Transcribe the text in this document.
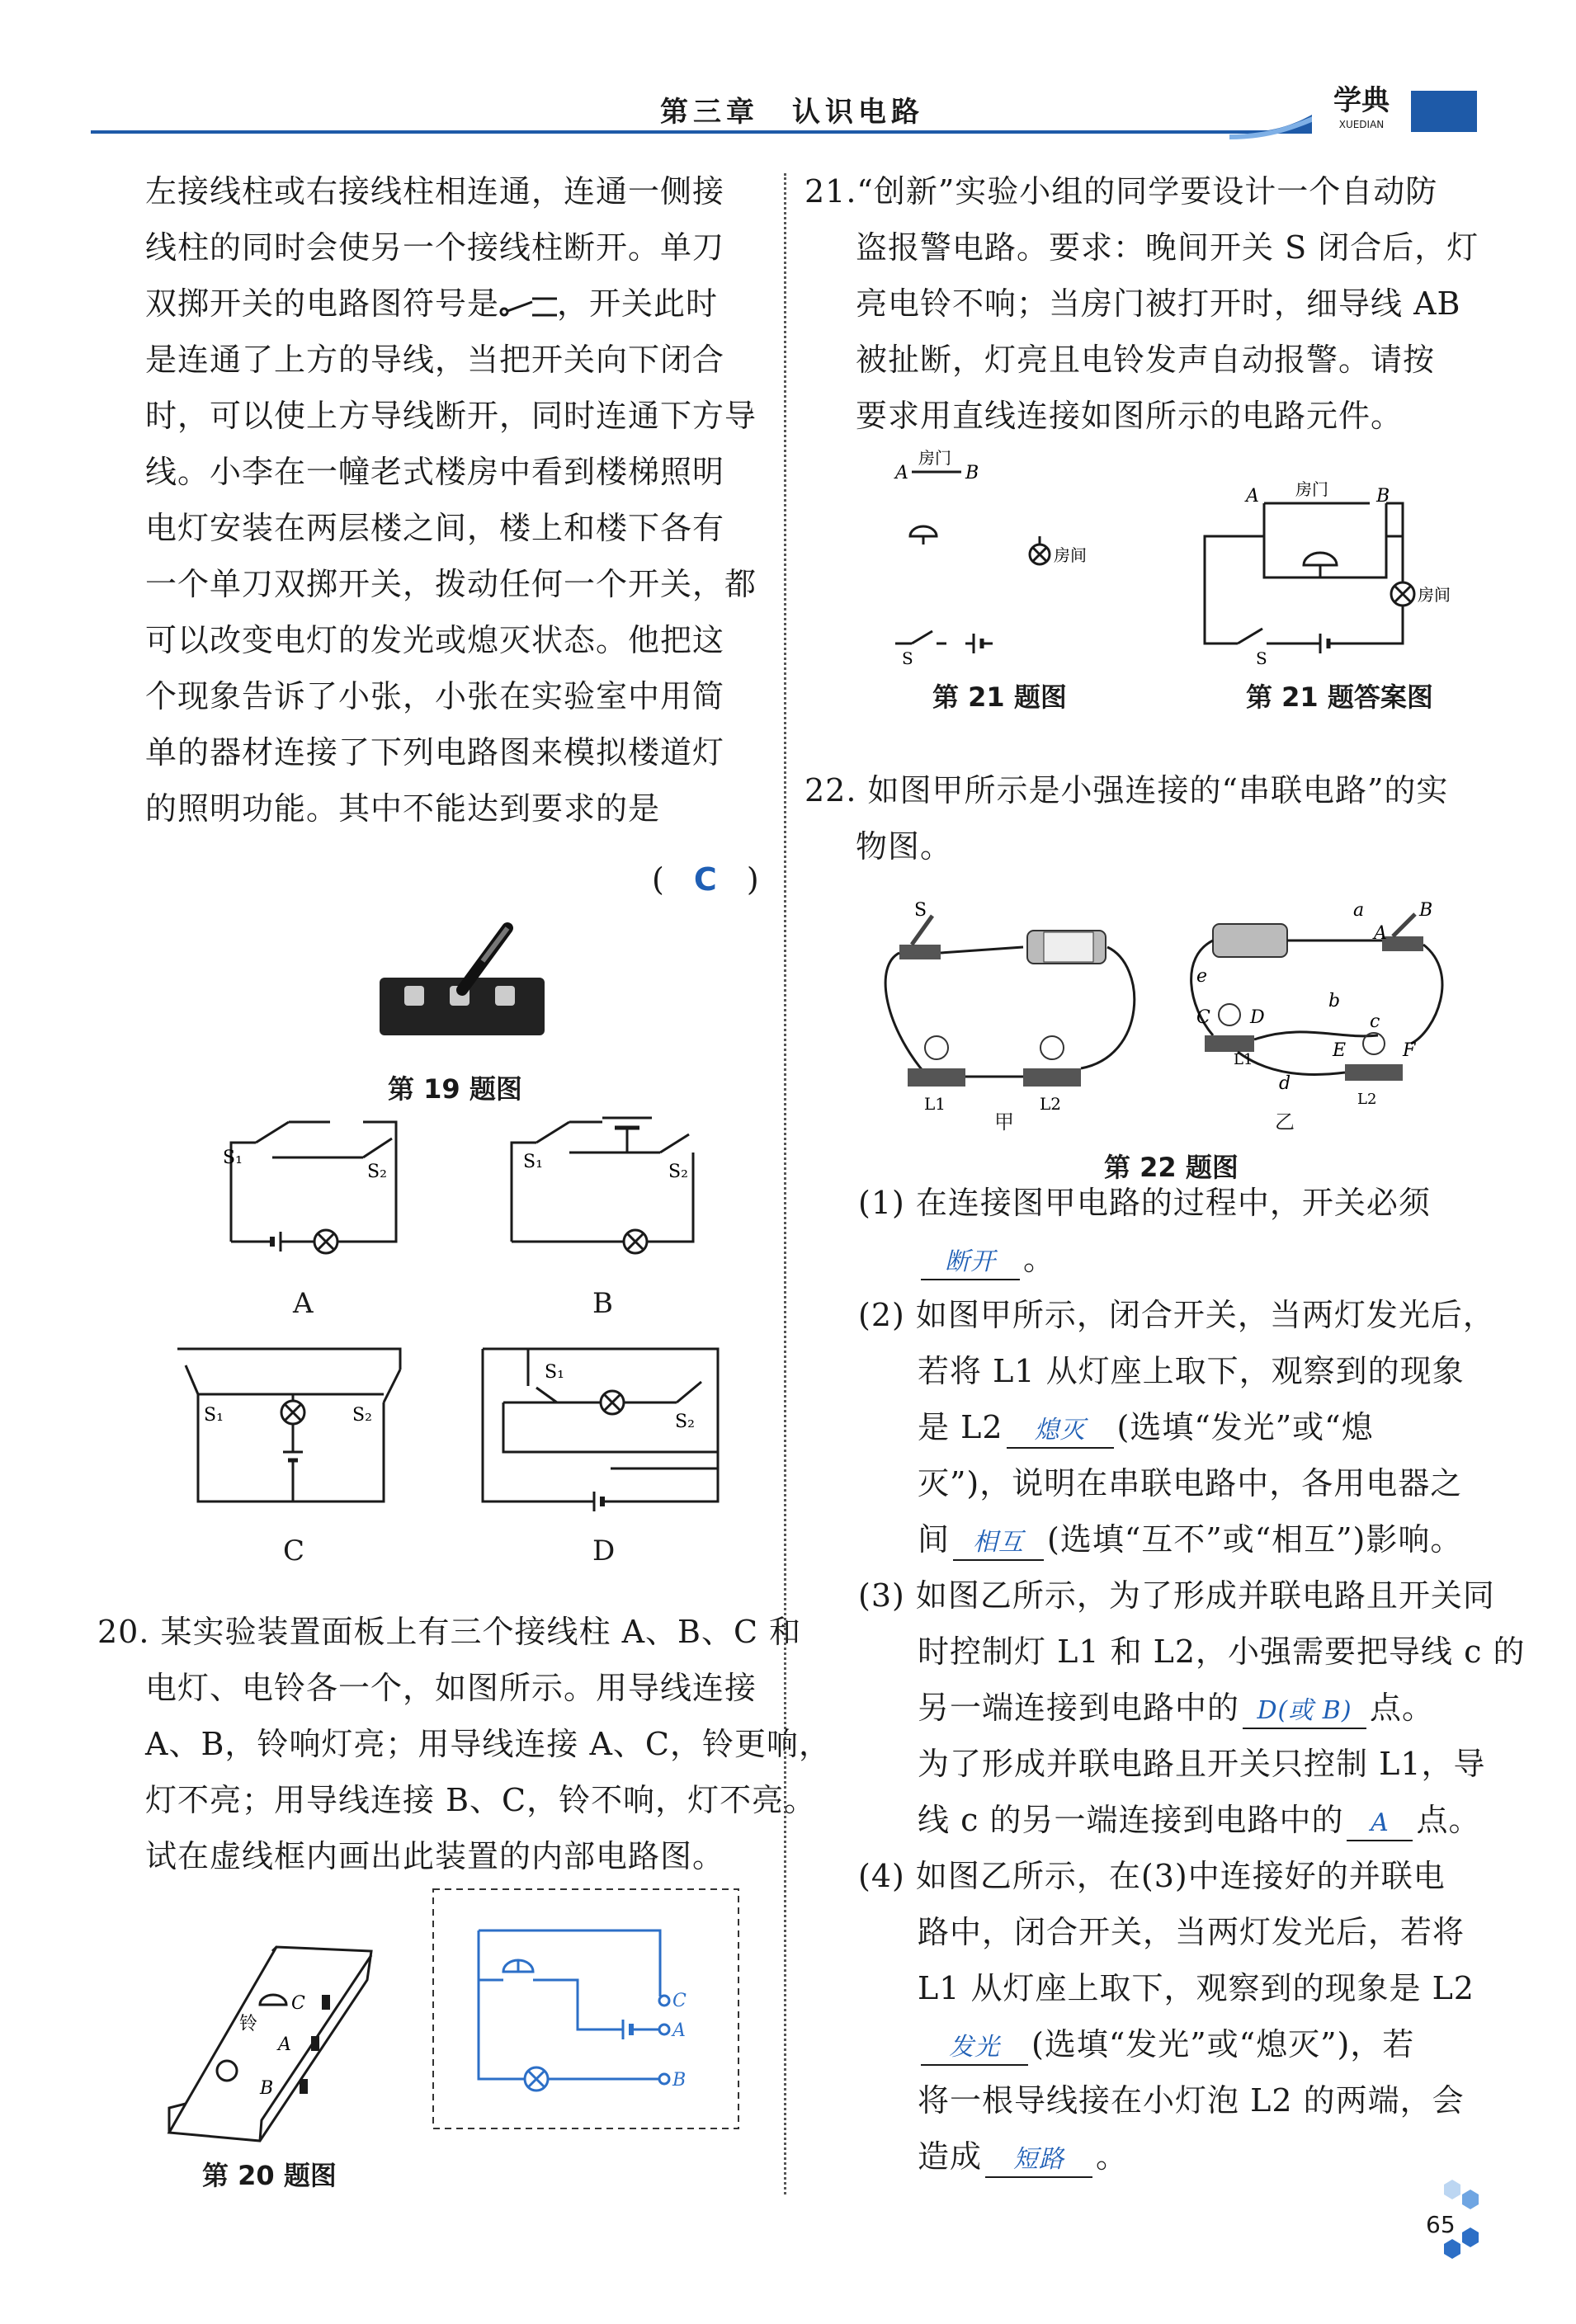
第三章　认识电路	学典
XUEDIAN
左接线柱或右接线柱相连通，连通一侧接
线柱的同时会使另一个接线柱断开。单刀
双掷开关的电路图符号是 ，开关此时
是连通了上方的导线，当把开关向下闭合
时，可以使上方导线断开，同时连通下方导
线。小李在一幢老式楼房中看到楼梯照明
电灯安装在两层楼之间，楼上和楼下各有
一个单刀双掷开关，拨动任何一个开关，都
可以改变电灯的发光或熄灭状态。他把这
个现象告诉了小张，小张在实验室中用简
单的器材连接了下列电路图来模拟楼道灯
的照明功能。其中不能达到要求的是
( C )
第 19 题图
S₁
S₂
A
S₁	S₂
B
S₁	S₂
C
S₁
S₂
D
20. 某实验装置面板上有三个接线柱 A、B、C 和
电灯、电铃各一个，如图所示。用导线连接
A、B，铃响灯亮；用导线连接 A、C，铃更响，
灯不亮；用导线连接 B、C，铃不响，灯不亮。
试在虚线框内画出此装置的内部电路图。
铃
C
A
B
第 20 题图
C
A
B
21.“创新”实验小组的同学要设计一个自动防
盗报警电路。要求：晚间开关 S 闭合后，灯
亮电铃不响；当房门被打开时，细导线 AB
被扯断，灯亮且电铃发声自动报警。请按
要求用直线连接如图所示的电路元件。
A
房门
B
房间
S
第 21 题图
A 房门	B
房间
S
第 21 题答案图
22. 如图甲所示是小强连接的“串联电路”的实
物图。
S
L1	L2
a	B
A
e
C D
b
c
E	F
d
L1
L2
甲	乙
第 22 题图
(1) 在连接图甲电路的过程中，开关必须
断开 。
(2) 如图甲所示，闭合开关，当两灯发光后，
若将 L1 从灯座上取下，观察到的现象
是 L2 熄灭 (选填“发光”或“熄
灭”)，说明在串联电路中，各用电器之
间 相互 (选填“互不”或“相互”)影响。
(3) 如图乙所示，为了形成并联电路且开关同
时控制灯 L1 和 L2，小强需要把导线 c 的
另一端连接到电路中的 D(或 B) 点。
为了形成并联电路且开关只控制 L1，导
线 c 的另一端连接到电路中的 A 点。
(4) 如图乙所示，在(3)中连接好的并联电
路中，闭合开关，当两灯发光后，若将
L1 从灯座上取下，观察到的现象是 L2
发光 (选填“发光”或“熄灭”)，若
将一根导线接在小灯泡 L2 的两端，会
造成 短路 。
65
